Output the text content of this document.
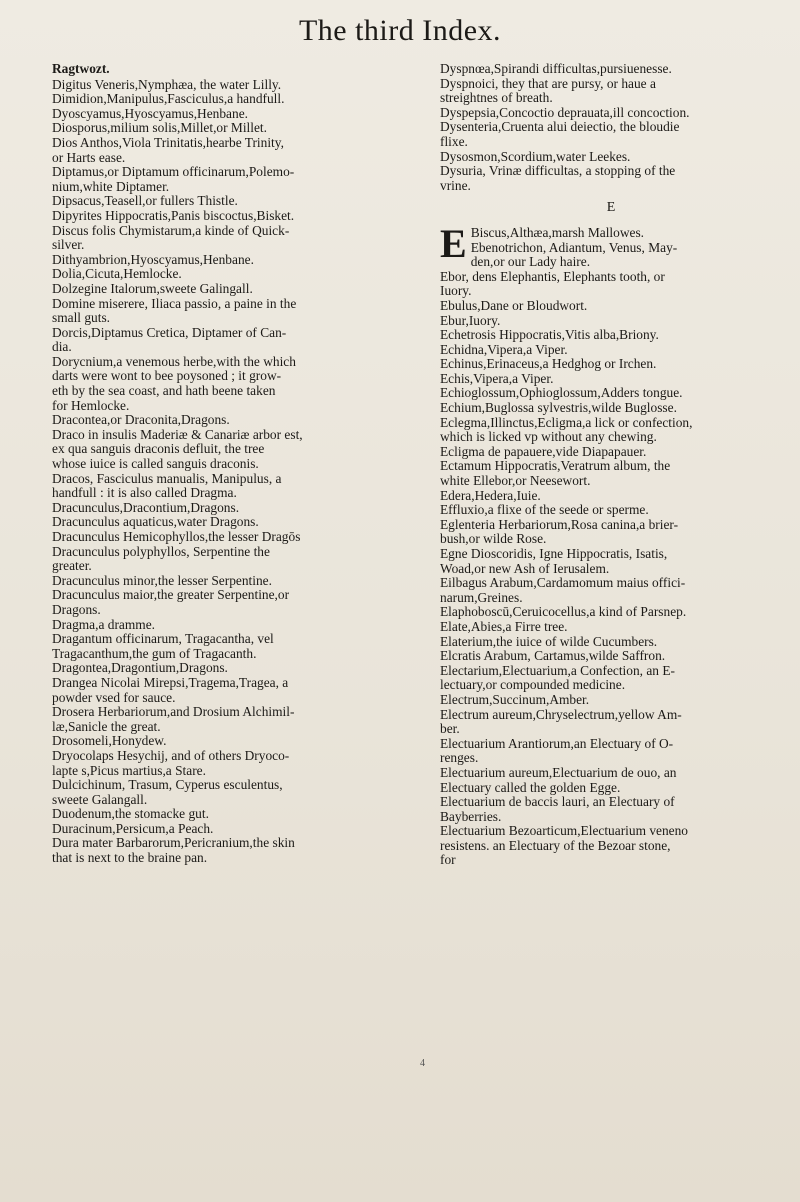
The third Index.
Ragtwozt.
Digitus Veneris,Nymphæa, the water Lilly.
Dimidion,Manipulus,Fasciculus,a handfull.
Dyoscyamus,Hyoscyamus,Henbane.
Diosporus,milium solis,Millet,or Millet.
Dios Anthos,Viola Trinitatis,hearbe Trinity,
or Harts ease.
Diptamus,or Diptamum officinarum,Polemo-
nium,white Diptamer.
Dipsacus,Teasell,or fullers Thistle.
Dipyrites Hippocratis,Panis biscoctus,Bisket.
Discus folis Chymistarum,a kinde of Quick-
silver.
Dithyambrion,Hyoscyamus,Henbane.
Dolia,Cicuta,Hemlocke.
Dolzegine Italorum,sweete Galingall.
Domine miserere, Iliaca passio, a paine in the
small guts.
Dorcis,Diptamus Cretica, Diptamer of Can-
dia.
Dorycnium,a venemous herbe,with the which
darts were wont to bee poysoned ; it grow-
eth by the sea coast, and hath beene taken
for Hemlocke.
Dracontea,or Draconita,Dragons.
Draco in insulis Maderiæ & Canariæ arbor est,
ex qua sanguis draconis defluit, the tree
whose iuice is called sanguis draconis.
Dracos, Fasciculus manualis, Manipulus, a
handfull : it is also called Dragma.
Dracunculus,Dracontium,Dragons.
Dracunculus aquaticus,water Dragons.
Dracunculus Hemicophyllos,the lesser Dragōs
Dracunculus polyphyllos, Serpentine the
greater.
Dracunculus minor,the lesser Serpentine.
Dracunculus maior,the greater Serpentine,or
Dragons.
Dragma,a dramme.
Dragantum officinarum, Tragacantha, vel
Tragacanthum,the gum of Tragacanth.
Dragontea,Dragontium,Dragons.
Drangea Nicolai Mirepsi,Tragema,Tragea, a
powder vsed for sauce.
Drosera Herbariorum,and Drosium Alchimil-
læ,Sanicle the great.
Drosomeli,Honydew.
Dryocolaps Hesychij, and of others Dryoco-
lapte s,Picus martius,a Stare.
Dulcichinum, Trasum, Cyperus esculentus,
sweete Galangall.
Duodenum,the stomacke gut.
Duracinum,Persicum,a Peach.
Dura mater Barbarorum,Pericranium,the skin
that is next to the braine pan.
Dyspnœa,Spirandi difficultas,pursiuenesse.
Dyspnoici, they that are pursy, or haue a
streightnes of breath.
Dyspepsia,Concoctio deprauata,ill concoction.
Dysenteria,Cruenta alui deiectio, the bloudie
flixe.
Dysosmon,Scordium,water Leekes.
Dysuria, Vrinæ difficultas, a stopping of the
vrine.
E
E Biscus,Althæa,marsh Mallowes.
Ebenotrichon, Adiantum, Venus, May-
den,or our Lady haire.
Ebor, dens Elephantis, Elephants tooth, or
Iuory.
Ebulus,Dane or Bloudwort.
Ebur,Iuory.
Echetrosis Hippocratis,Vitis alba,Briony.
Echidna,Vipera,a Viper.
Echinus,Erinaceus,a Hedghog or Irchen.
Echis,Vipera,a Viper.
Echioglossum,Ophioglossum,Adders tongue.
Echium,Buglossa sylvestris,wilde Buglosse.
Eclegma,Illinctus,Ecligma,a lick or confection,
which is licked vp without any chewing.
Ecligma de papauere,vide Diapapauer.
Ectamum Hippocratis,Veratrum album, the
white Ellebor,or Neesewort.
Edera,Hedera,Iuie.
Effluxio,a flixe of the seede or sperme.
Eglenteria Herbariorum,Rosa canina,a brier-
bush,or wilde Rose.
Egne Dioscoridis, Igne Hippocratis, Isatis,
Woad,or new Ash of Ierusalem.
Eilbagus Arabum,Cardamomum maius offici-
narum,Greines.
Elaphoboscū,Ceruicocellus,a kind of Parsnep.
Elate,Abies,a Firre tree.
Elaterium,the iuice of wilde Cucumbers.
Elcratis Arabum, Cartamus,wilde Saffron.
Electarium,Electuarium,a Confection, an E-
lectuary,or compounded medicine.
Electrum,Succinum,Amber.
Electrum aureum,Chryselectrum,yellow Am-
ber.
Electuarium Arantiorum,an Electuary of O-
renges.
Electuarium aureum,Electuarium de ouo, an
Electuary called the golden Egge.
Electuarium de baccis lauri, an Electuary of
Bayberries.
Electuarium Bezoarticum,Electuarium veneno
resistens. an Electuary of the Bezoar stone,
for
4
